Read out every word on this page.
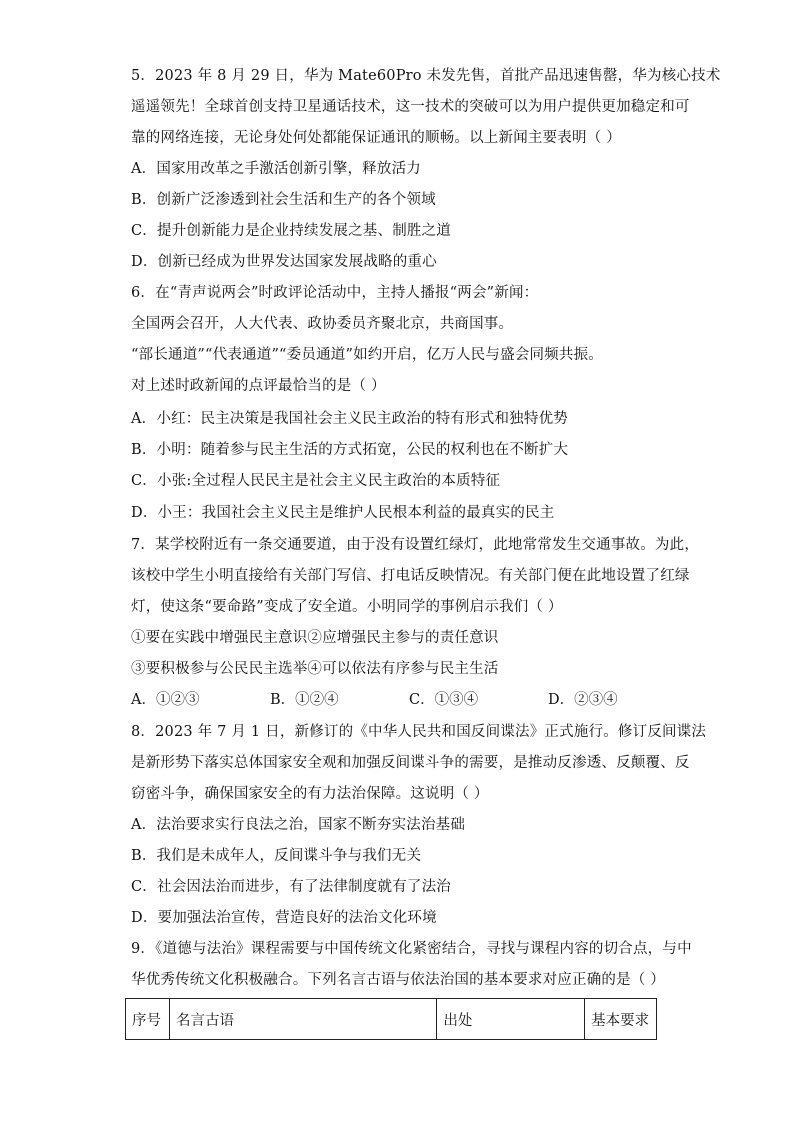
5．2023 年 8 月 29 日，华为 Mate60Pro 未发先售，首批产品迅速售罄，华为核心技术
遥遥领先！全球首创支持卫星通话技术，这一技术的突破可以为用户提供更加稳定和可
靠的网络连接，无论身处何处都能保证通讯的顺畅。以上新闻主要表明（ ）
A．国家用改革之手激活创新引擎，释放活力
B．创新广泛渗透到社会生活和生产的各个领域
C．提升创新能力是企业持续发展之基、制胜之道
D．创新已经成为世界发达国家发展战略的重心
6．在“青声说两会”时政评论活动中，主持人播报“两会”新闻：
全国两会召开，人大代表、政协委员齐聚北京，共商国事。
“部长通道”“代表通道”“委员通道”如约开启，亿万人民与盛会同频共振。
对上述时政新闻的点评最恰当的是（ ）
A．小红：民主决策是我国社会主义民主政治的特有形式和独特优势
B．小明：随着参与民主生活的方式拓宽，公民的权利也在不断扩大
C．小张:全过程人民民主是社会主义民主政治的本质特征
D．小王：我国社会主义民主是维护人民根本利益的最真实的民主
7．某学校附近有一条交通要道，由于没有设置红绿灯，此地常常发生交通事故。为此，
该校中学生小明直接给有关部门写信、打电话反映情况。有关部门便在此地设置了红绿
灯，使这条“要命路”变成了安全道。小明同学的事例启示我们（ ）
①要在实践中增强民主意识②应增强民主参与的责任意识
③要积极参与公民民主选举④可以依法有序参与民主生活
A．①②③	B．①②④	C．①③④	D．②③④
8．2023 年 7 月 1 日，新修订的《中华人民共和国反间谍法》正式施行。修订反间谍法
是新形势下落实总体国家安全观和加强反间谍斗争的需要，是推动反渗透、反颠覆、反
窃密斗争，确保国家安全的有力法治保障。这说明（ ）
A．法治要求实行良法之治，国家不断夯实法治基础
B．我们是未成年人，反间谍斗争与我们无关
C．社会因法治而进步，有了法律制度就有了法治
D．要加强法治宣传，营造良好的法治文化环境
9．《道德与法治》课程需要与中国传统文化紧密结合，寻找与课程内容的切合点，与中
华优秀传统文化积极融合。下列名言古语与依法治国的基本要求对应正确的是（ ）
序号	名言古语	出处	基本要求
